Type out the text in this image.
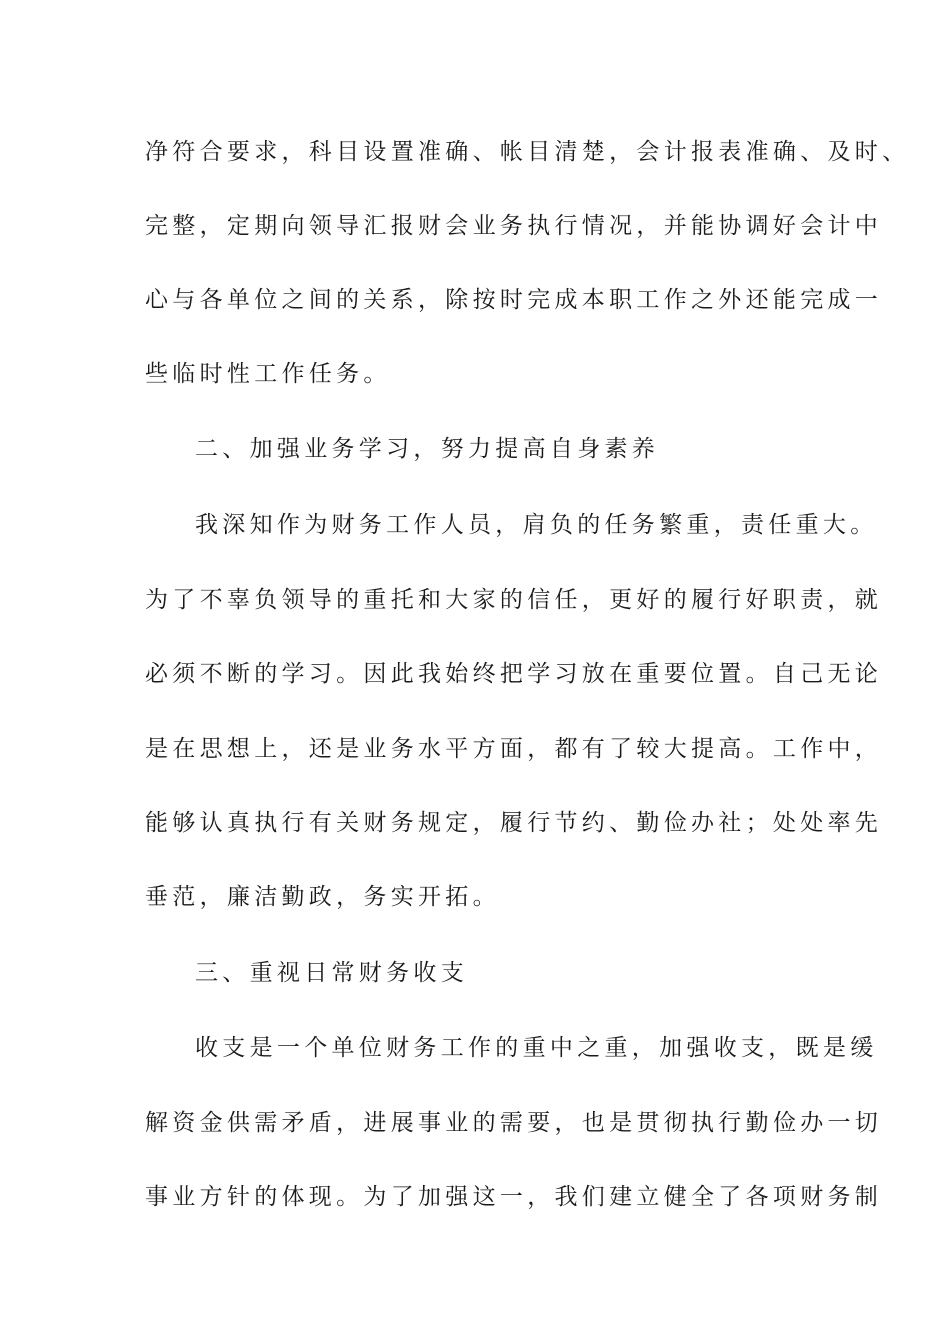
净符合要求，科目设置准确、帐目清楚，会计报表准确、及时、
完整，定期向领导汇报财会业务执行情况，并能协调好会计中
心与各单位之间的关系，除按时完成本职工作之外还能完成一
些临时性工作任务。
二、加强业务学习，努力提高自身素养
我深知作为财务工作人员，肩负的任务繁重，责任重大。
为了不辜负领导的重托和大家的信任，更好的履行好职责，就
必须不断的学习。因此我始终把学习放在重要位置。自己无论
是在思想上，还是业务水平方面，都有了较大提高。工作中，
能够认真执行有关财务规定，履行节约、勤俭办社；处处率先
垂范，廉洁勤政，务实开拓。
三、重视日常财务收支
收支是一个单位财务工作的重中之重，加强收支，既是缓
解资金供需矛盾，进展事业的需要，也是贯彻执行勤俭办一切
事业方针的体现。为了加强这一，我们建立健全了各项财务制
